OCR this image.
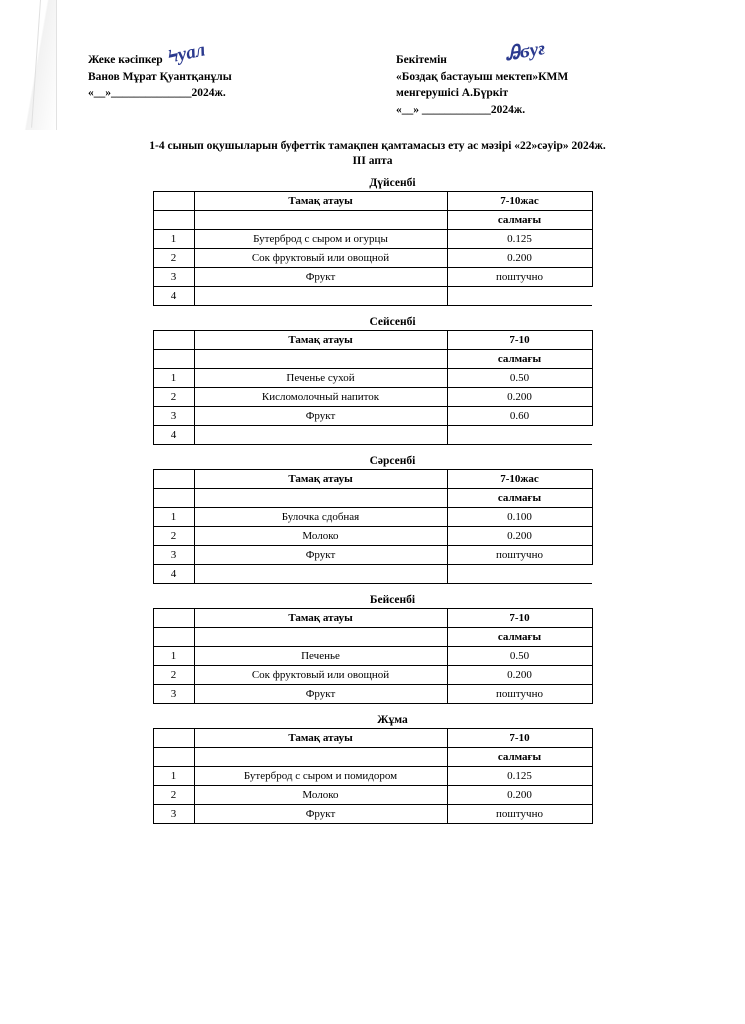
Жеке кәсіпкер
Ванов Мұрат Қуантқанұлы
«__»______________2024ж.
Ϟуал	Бекітемін
«Боздақ бастауыш мектеп»КММ
менгерушісі А.Бүркіт
«__» ____________2024ж.
Ꭿϭуғ
1-4 сынып оқушыларын буфеттік тамақпен қамтамасыз ету ас мәзірі «22»сәуір» 2024ж.
III апта
Дүйсенбі
	Тамақ атауы	7-10жас
		салмағы
1	Бутерброд с сыром и огурцы	0.125
2	Сок фруктовый или овощной	0.200
3	Фрукт	поштучно
4		
Сейсенбі
	Тамақ атауы	7-10
		салмағы
1	Печенье сухой	0.50
2	Кисломолочный напиток	0.200
3	Фрукт	0.60
4		
Сәрсенбі
	Тамақ атауы	7-10жас
		салмағы
1	Булочка сдобная	0.100
2	Молоко	0.200
3	Фрукт	поштучно
4		
Бейсенбі
	Тамақ атауы	7-10
		салмағы
1	Печенье	0.50
2	Сок фруктовый или овощной	0.200
3	Фрукт	поштучно
Жұма
	Тамақ атауы	7-10
		салмағы
1	Бутерброд с сыром и помидором	0.125
2	Молоко	0.200
3	Фрукт	поштучно
